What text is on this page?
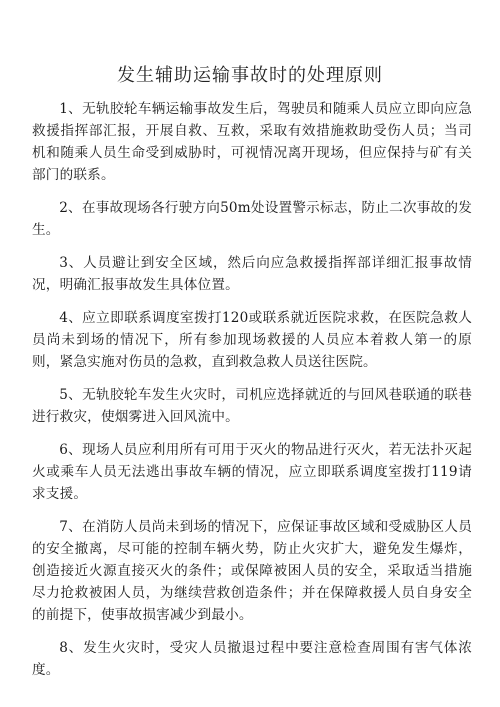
发生辅助运输事故时的处理原则

1、无轨胶轮车辆运输事故发生后，驾驶员和随乘人员应立即向应急救援指挥部汇报，开展自救、互救，采取有效措施救助受伤人员；当司机和随乘人员生命受到威胁时，可视情况离开现场，但应保持与矿有关部门的联系。

2、在事故现场各行驶方向50m处设置警示标志，防止二次事故的发生。

3、人员避让到安全区域，然后向应急救援指挥部详细汇报事故情况，明确汇报事故发生具体位置。

4、应立即联系调度室拨打120或联系就近医院求救，在医院急救人员尚未到场的情况下，所有参加现场救援的人员应本着救人第一的原则，紧急实施对伤员的急救，直到救急救人员送往医院。

5、无轨胶轮车发生火灾时，司机应选择就近的与回风巷联通的联巷进行救灾，使烟雾进入回风流中。

6、现场人员应利用所有可用于灭火的物品进行灭火，若无法扑灭起火或乘车人员无法逃出事故车辆的情况，应立即联系调度室拨打119请求支援。

7、在消防人员尚未到场的情况下，应保证事故区域和受威胁区人员的安全撤离，尽可能的控制车辆火势，防止火灾扩大，避免发生爆炸，创造接近火源直接灭火的条件；或保障被困人员的安全，采取适当措施尽力抢救被困人员，为继续营救创造条件；并在保障救援人员自身安全的前提下，使事故损害减少到最小。

8、发生火灾时，受灾人员撤退过程中要注意检查周围有害气体浓度。
